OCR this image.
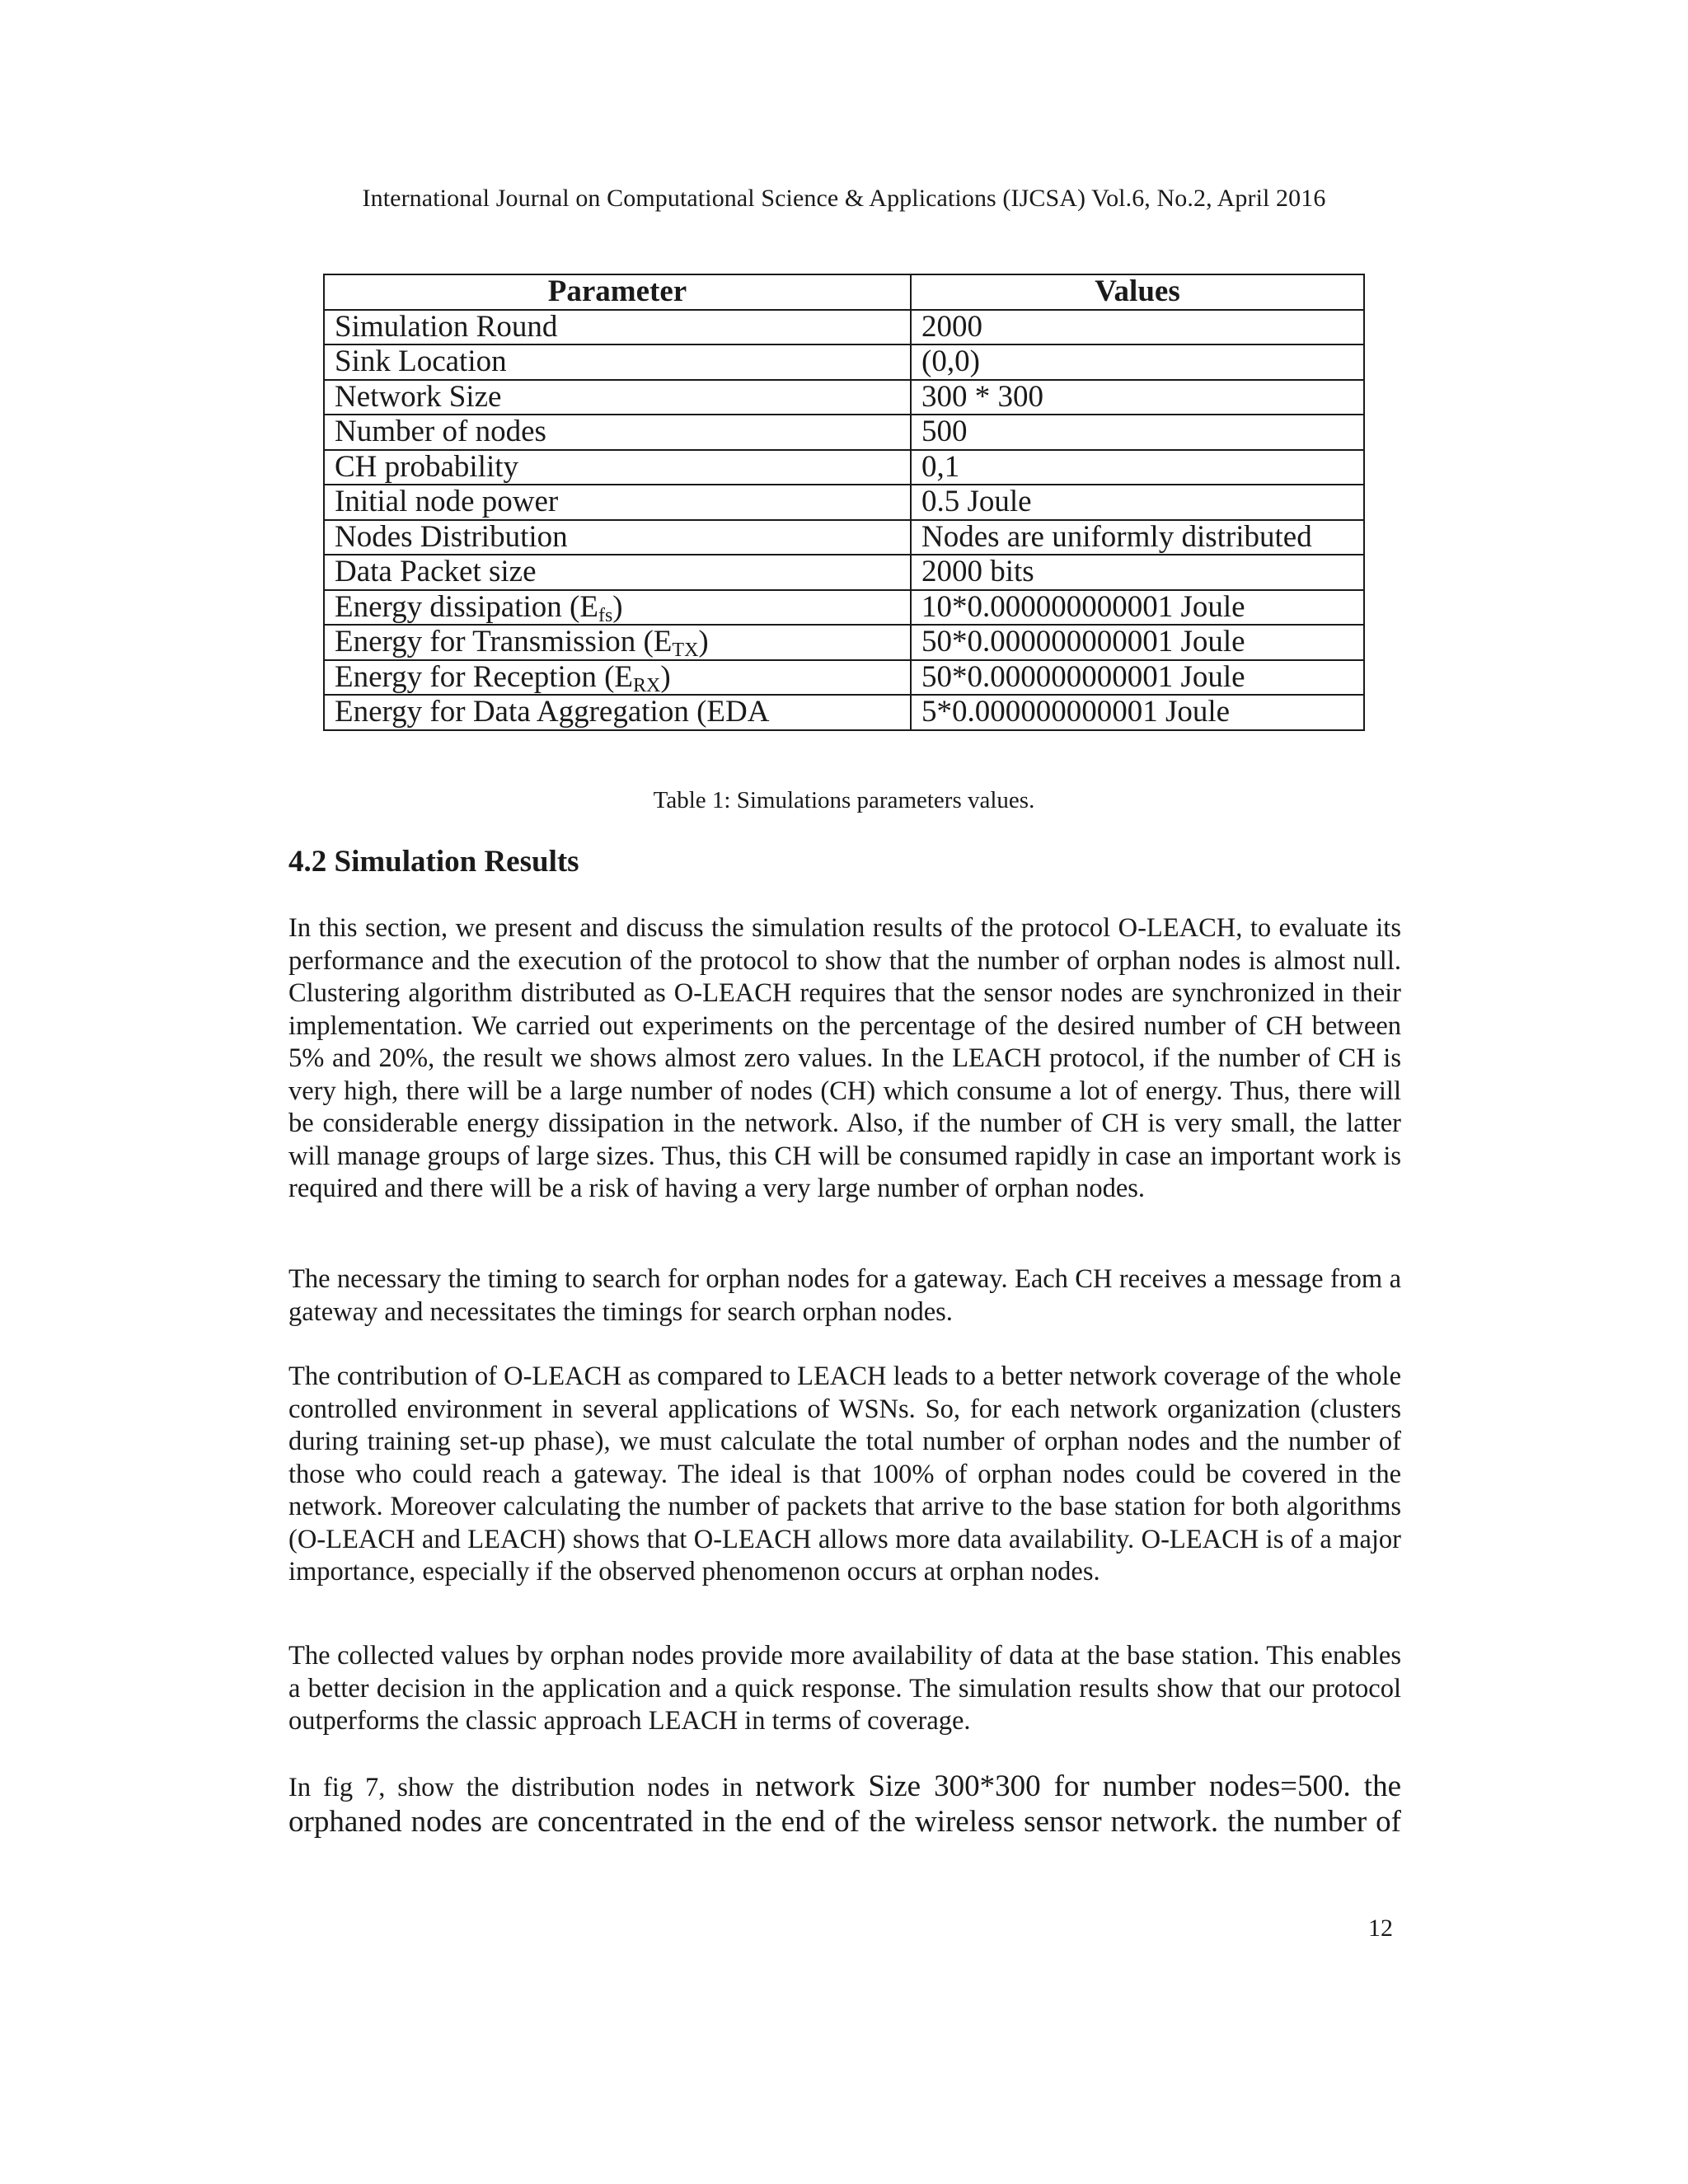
International Journal on Computational Science & Applications (IJCSA) Vol.6, No.2, April 2016
Parameter	Values
Simulation Round	2000
Sink Location	(0,0)
Network Size	300 * 300
Number of nodes	500
CH probability	0,1
Initial node power	0.5 Joule
Nodes Distribution	Nodes are uniformly distributed
Data Packet size	2000 bits
Energy dissipation $(E_{fs})$	10*0.000000000001 Joule
Energy for Transmission $(E_{TX})$	50*0.000000000001 Joule
Energy for Reception $(E_{RX})$	50*0.000000000001 Joule
Energy for Data Aggregation (EDA	5*0.000000000001 Joule
Table 1: Simulations parameters values.
4.2 Simulation Results

In this section, we present and discuss the simulation results of the protocol O-LEACH, to evaluate its performance and the execution of the protocol to show that the number of orphan nodes is almost null. Clustering algorithm distributed as O-LEACH requires that the sensor nodes are synchronized in their implementation. We carried out experiments on the percentage of the desired number of CH between 5% and 20%, the result we shows almost zero values. In the LEACH protocol, if the number of CH is very high, there will be a large number of nodes (CH) which consume a lot of energy. Thus, there will be considerable energy dissipation in the network. Also, if the number of CH is very small, the latter will manage groups of large sizes. Thus, this CH will be consumed rapidly in case an important work is required and there will be a risk of having a very large number of orphan nodes.

The necessary the timing to search for orphan nodes for a gateway. Each CH receives a message from a gateway and necessitates the timings for search orphan nodes.

The contribution of O-LEACH as compared to LEACH leads to a better network coverage of the whole controlled environment in several applications of WSNs. So, for each network organization (clusters during training set-up phase), we must calculate the total number of orphan nodes and the number of those who could reach a gateway. The ideal is that 100% of orphan nodes could be covered in the network. Moreover calculating the number of packets that arrive to the base station for both algorithms (O-LEACH and LEACH) shows that O-LEACH allows more data availability. O-LEACH is of a major importance, especially if the observed phenomenon occurs at orphan nodes.

The collected values by orphan nodes provide more availability of data at the base station. This enables a better decision in the application and a quick response. The simulation results show that our protocol outperforms the classic approach LEACH in terms of coverage.

In fig 7, show the distribution nodes in network Size 300*300 for number nodes=500. the orphaned nodes are concentrated in the end of the wireless sensor network. the number of

12
